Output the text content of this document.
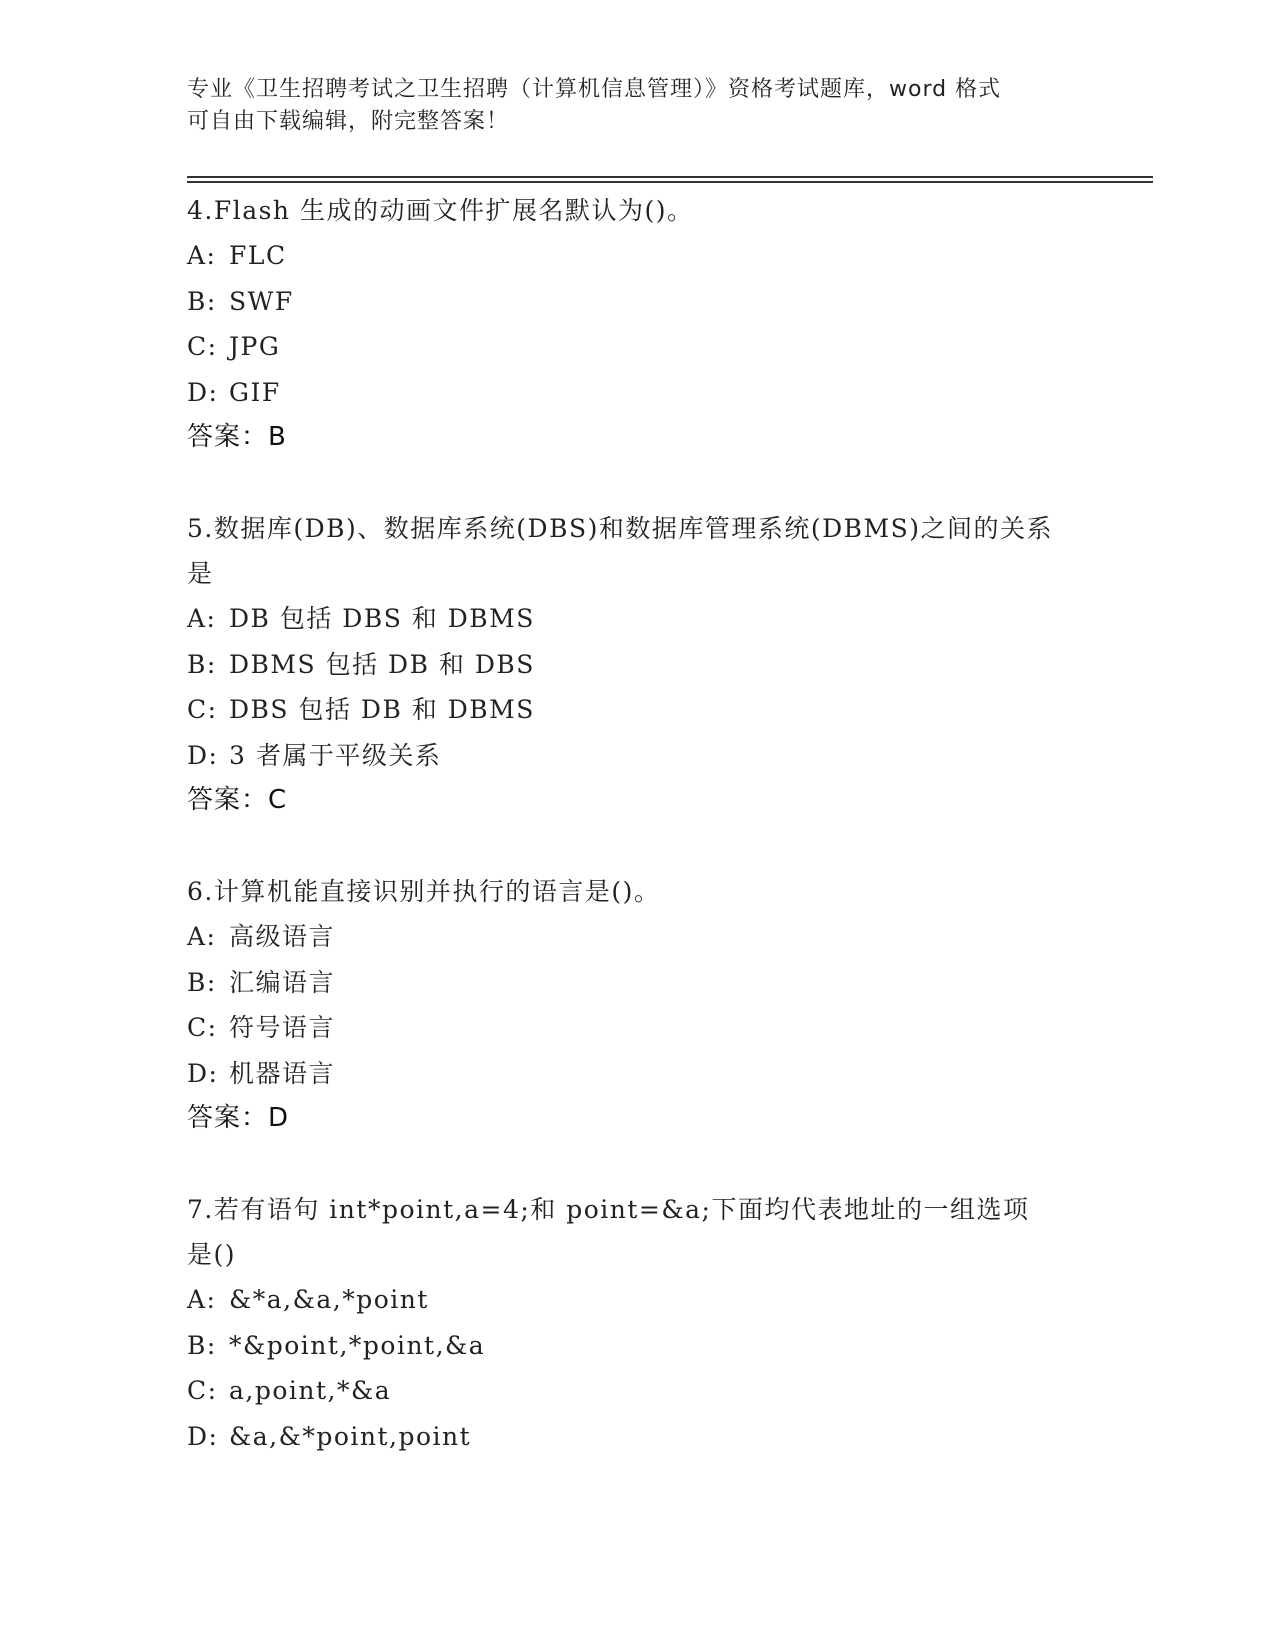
专业《卫生招聘考试之卫生招聘（计算机信息管理）》资格考试题库，word 格式
可自由下载编辑，附完整答案！
4.Flash 生成的动画文件扩展名默认为()。
A: FLC
B: SWF
C: JPG
D: GIF
答案：B
5.数据库(DB)、数据库系统(DBS)和数据库管理系统(DBMS)之间的关系
是
A: DB 包括 DBS 和 DBMS
B: DBMS 包括 DB 和 DBS
C: DBS 包括 DB 和 DBMS
D: 3 者属于平级关系
答案：C
6.计算机能直接识别并执行的语言是()。
A: 高级语言
B: 汇编语言
C: 符号语言
D: 机器语言
答案：D
7.若有语句 int*point,a=4;和 point=&a;下面均代表地址的一组选项
是()
A: &*a,&a,*point
B: *&point,*point,&a
C: a,point,*&a
D: &a,&*point,point
